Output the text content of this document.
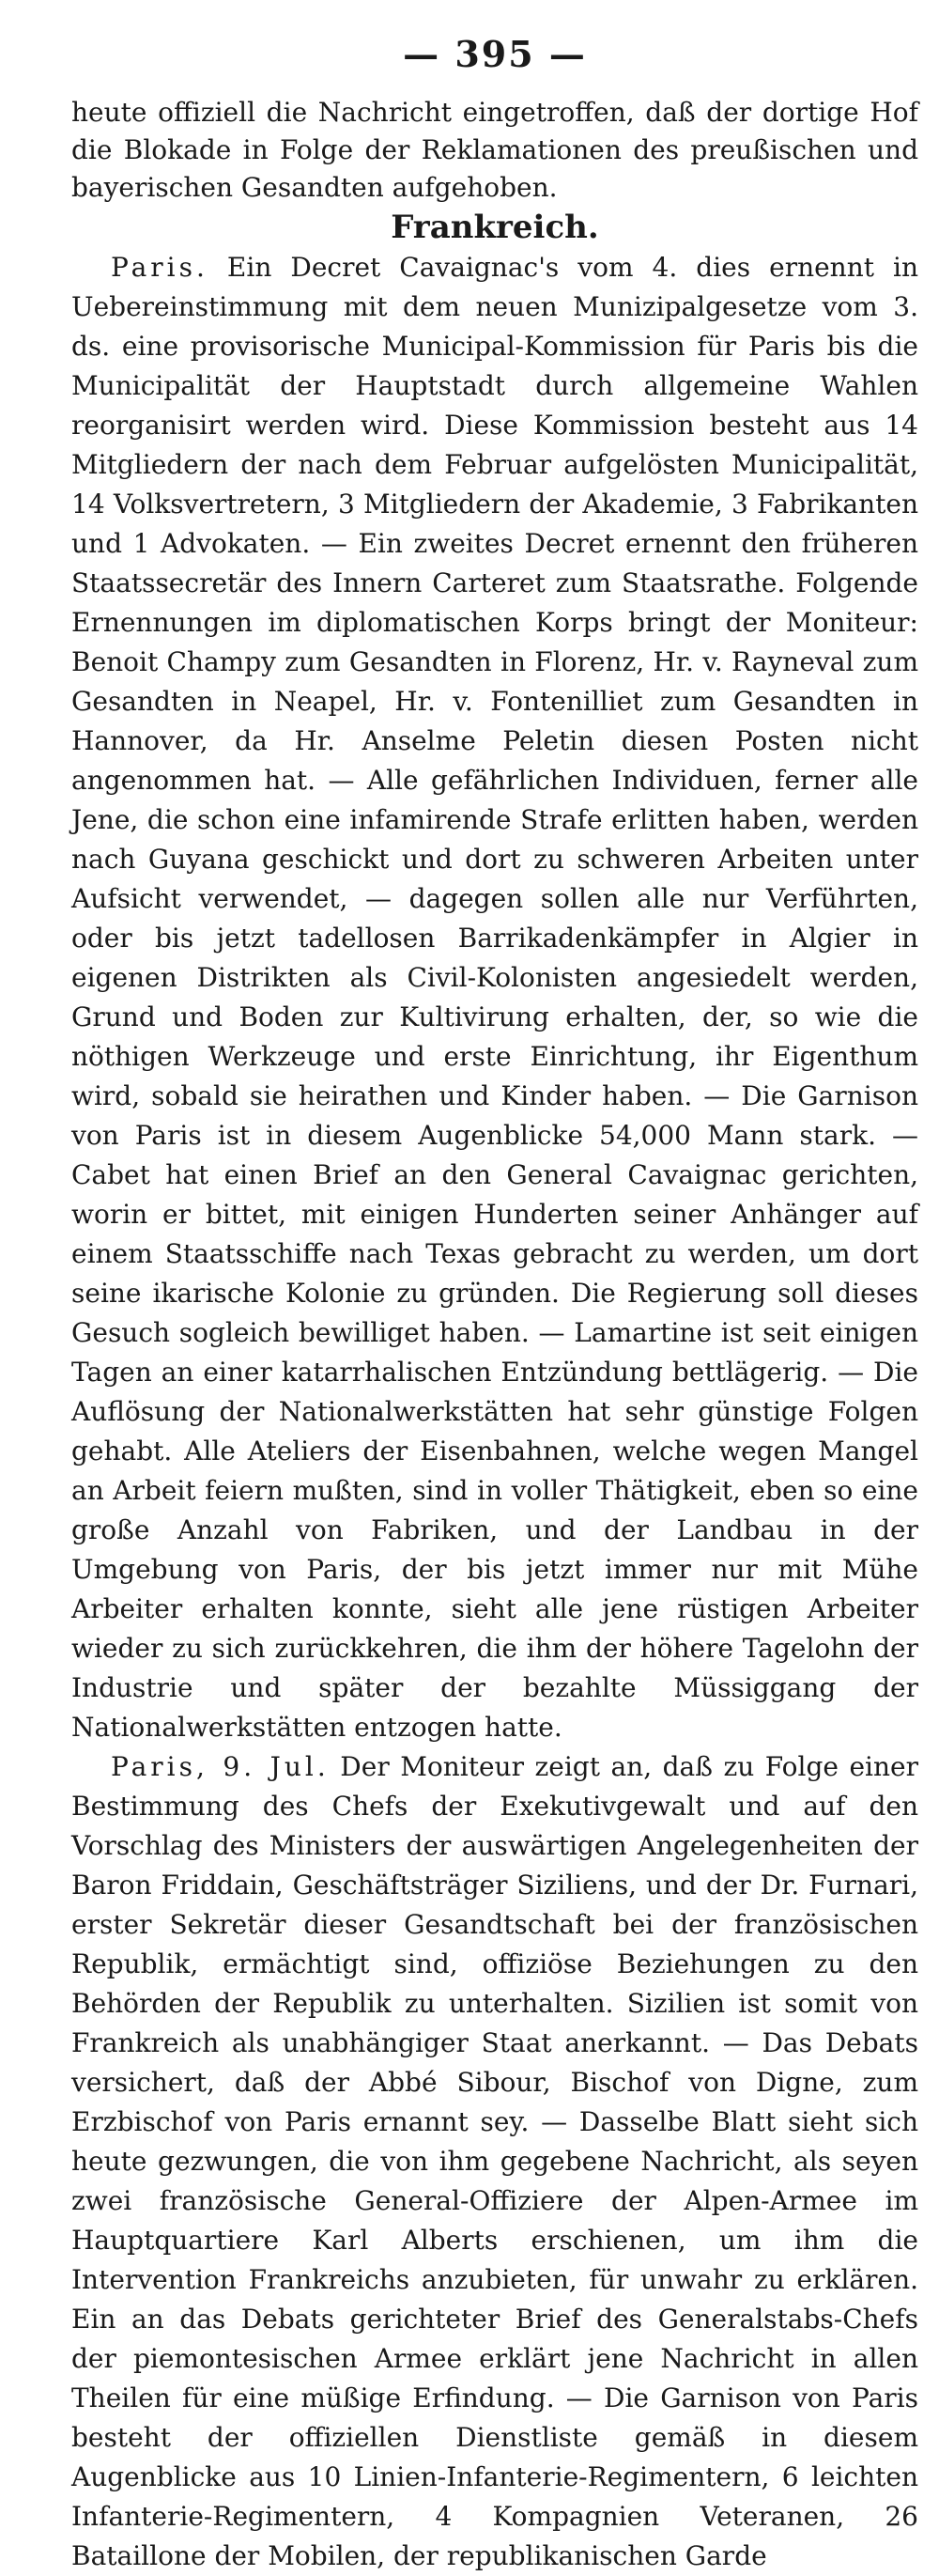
— 395 —

heute offiziell die Nachricht eingetroffen, daß der dortige Hof die Blokade in Folge der Reklamationen des preußischen und bayerischen Gesandten aufgehoben.

Frankreich.

Paris. Ein Decret Cavaignac's vom 4. dies ernennt in Uebereinstimmung mit dem neuen Munizipalgesetze vom 3. ds. eine provisorische Municipal-Kommission für Paris bis die Municipalität der Hauptstadt durch allgemeine Wahlen reorganisirt werden wird. Diese Kommission besteht aus 14 Mitgliedern der nach dem Februar aufgelösten Municipalität, 14 Volksvertretern, 3 Mitgliedern der Akademie, 3 Fabrikanten und 1 Advokaten. — Ein zweites Decret ernennt den früheren Staatssecretär des Innern Carteret zum Staatsrathe. Folgende Ernennungen im diplomatischen Korps bringt der Moniteur: Benoit Champy zum Gesandten in Florenz, Hr. v. Rayneval zum Gesandten in Neapel, Hr. v. Fontenilliet zum Gesandten in Hannover, da Hr. Anselme Peletin diesen Posten nicht angenommen hat. — Alle gefährlichen Individuen, ferner alle Jene, die schon eine infamirende Strafe erlitten haben, werden nach Guyana geschickt und dort zu schweren Arbeiten unter Aufsicht verwendet, — dagegen sollen alle nur Verführten, oder bis jetzt tadellosen Barrikadenkämpfer in Algier in eigenen Distrikten als Civil-Kolonisten angesiedelt werden, Grund und Boden zur Kultivirung erhalten, der, so wie die nöthigen Werkzeuge und erste Einrichtung, ihr Eigenthum wird, sobald sie heirathen und Kinder haben. — Die Garnison von Paris ist in diesem Augenblicke 54,000 Mann stark. — Cabet hat einen Brief an den General Cavaignac gerichten, worin er bittet, mit einigen Hunderten seiner Anhänger auf einem Staatsschiffe nach Texas gebracht zu werden, um dort seine ikarische Kolonie zu gründen. Die Regierung soll dieses Gesuch sogleich bewilliget haben. — Lamartine ist seit einigen Tagen an einer katarrhalischen Entzündung bettlägerig. — Die Auflösung der Nationalwerkstätten hat sehr günstige Folgen gehabt. Alle Ateliers der Eisenbahnen, welche wegen Mangel an Arbeit feiern mußten, sind in voller Thätigkeit, eben so eine große Anzahl von Fabriken, und der Landbau in der Umgebung von Paris, der bis jetzt immer nur mit Mühe Arbeiter erhalten konnte, sieht alle jene rüstigen Arbeiter wieder zu sich zurückkehren, die ihm der höhere Tagelohn der Industrie und später der bezahlte Müssiggang der Nationalwerkstätten entzogen hatte.

Paris, 9. Jul. Der Moniteur zeigt an, daß zu Folge einer Bestimmung des Chefs der Exekutivgewalt und auf den Vorschlag des Ministers der auswärtigen Angelegenheiten der Baron Friddain, Geschäftsträger Siziliens, und der Dr. Furnari, erster Sekretär dieser Gesandtschaft bei der französischen Republik, ermächtigt sind, offiziöse Beziehungen zu den Behörden der Republik zu unterhalten. Sizilien ist somit von Frankreich als unabhängiger Staat anerkannt. — Das Debats versichert, daß der Abbé Sibour, Bischof von Digne, zum Erzbischof von Paris ernannt sey. — Dasselbe Blatt sieht sich heute gezwungen, die von ihm gegebene Nachricht, als seyen zwei französische General-Offiziere der Alpen-Armee im Hauptquartiere Karl Alberts erschienen, um ihm die Intervention Frankreichs anzubieten, für unwahr zu erklären. Ein an das Debats gerichteter Brief des Generalstabs-Chefs der piemontesischen Armee erklärt jene Nachricht in allen Theilen für eine müßige Erfindung. — Die Garnison von Paris besteht der offiziellen Dienstliste gemäß in diesem Augenblicke aus 10 Linien-Infanterie-Regimentern, 6 leichten Infanterie-Regimentern, 4 Kompagnien Veteranen, 26 Bataillone der Mobilen, der republikanischen Garde
